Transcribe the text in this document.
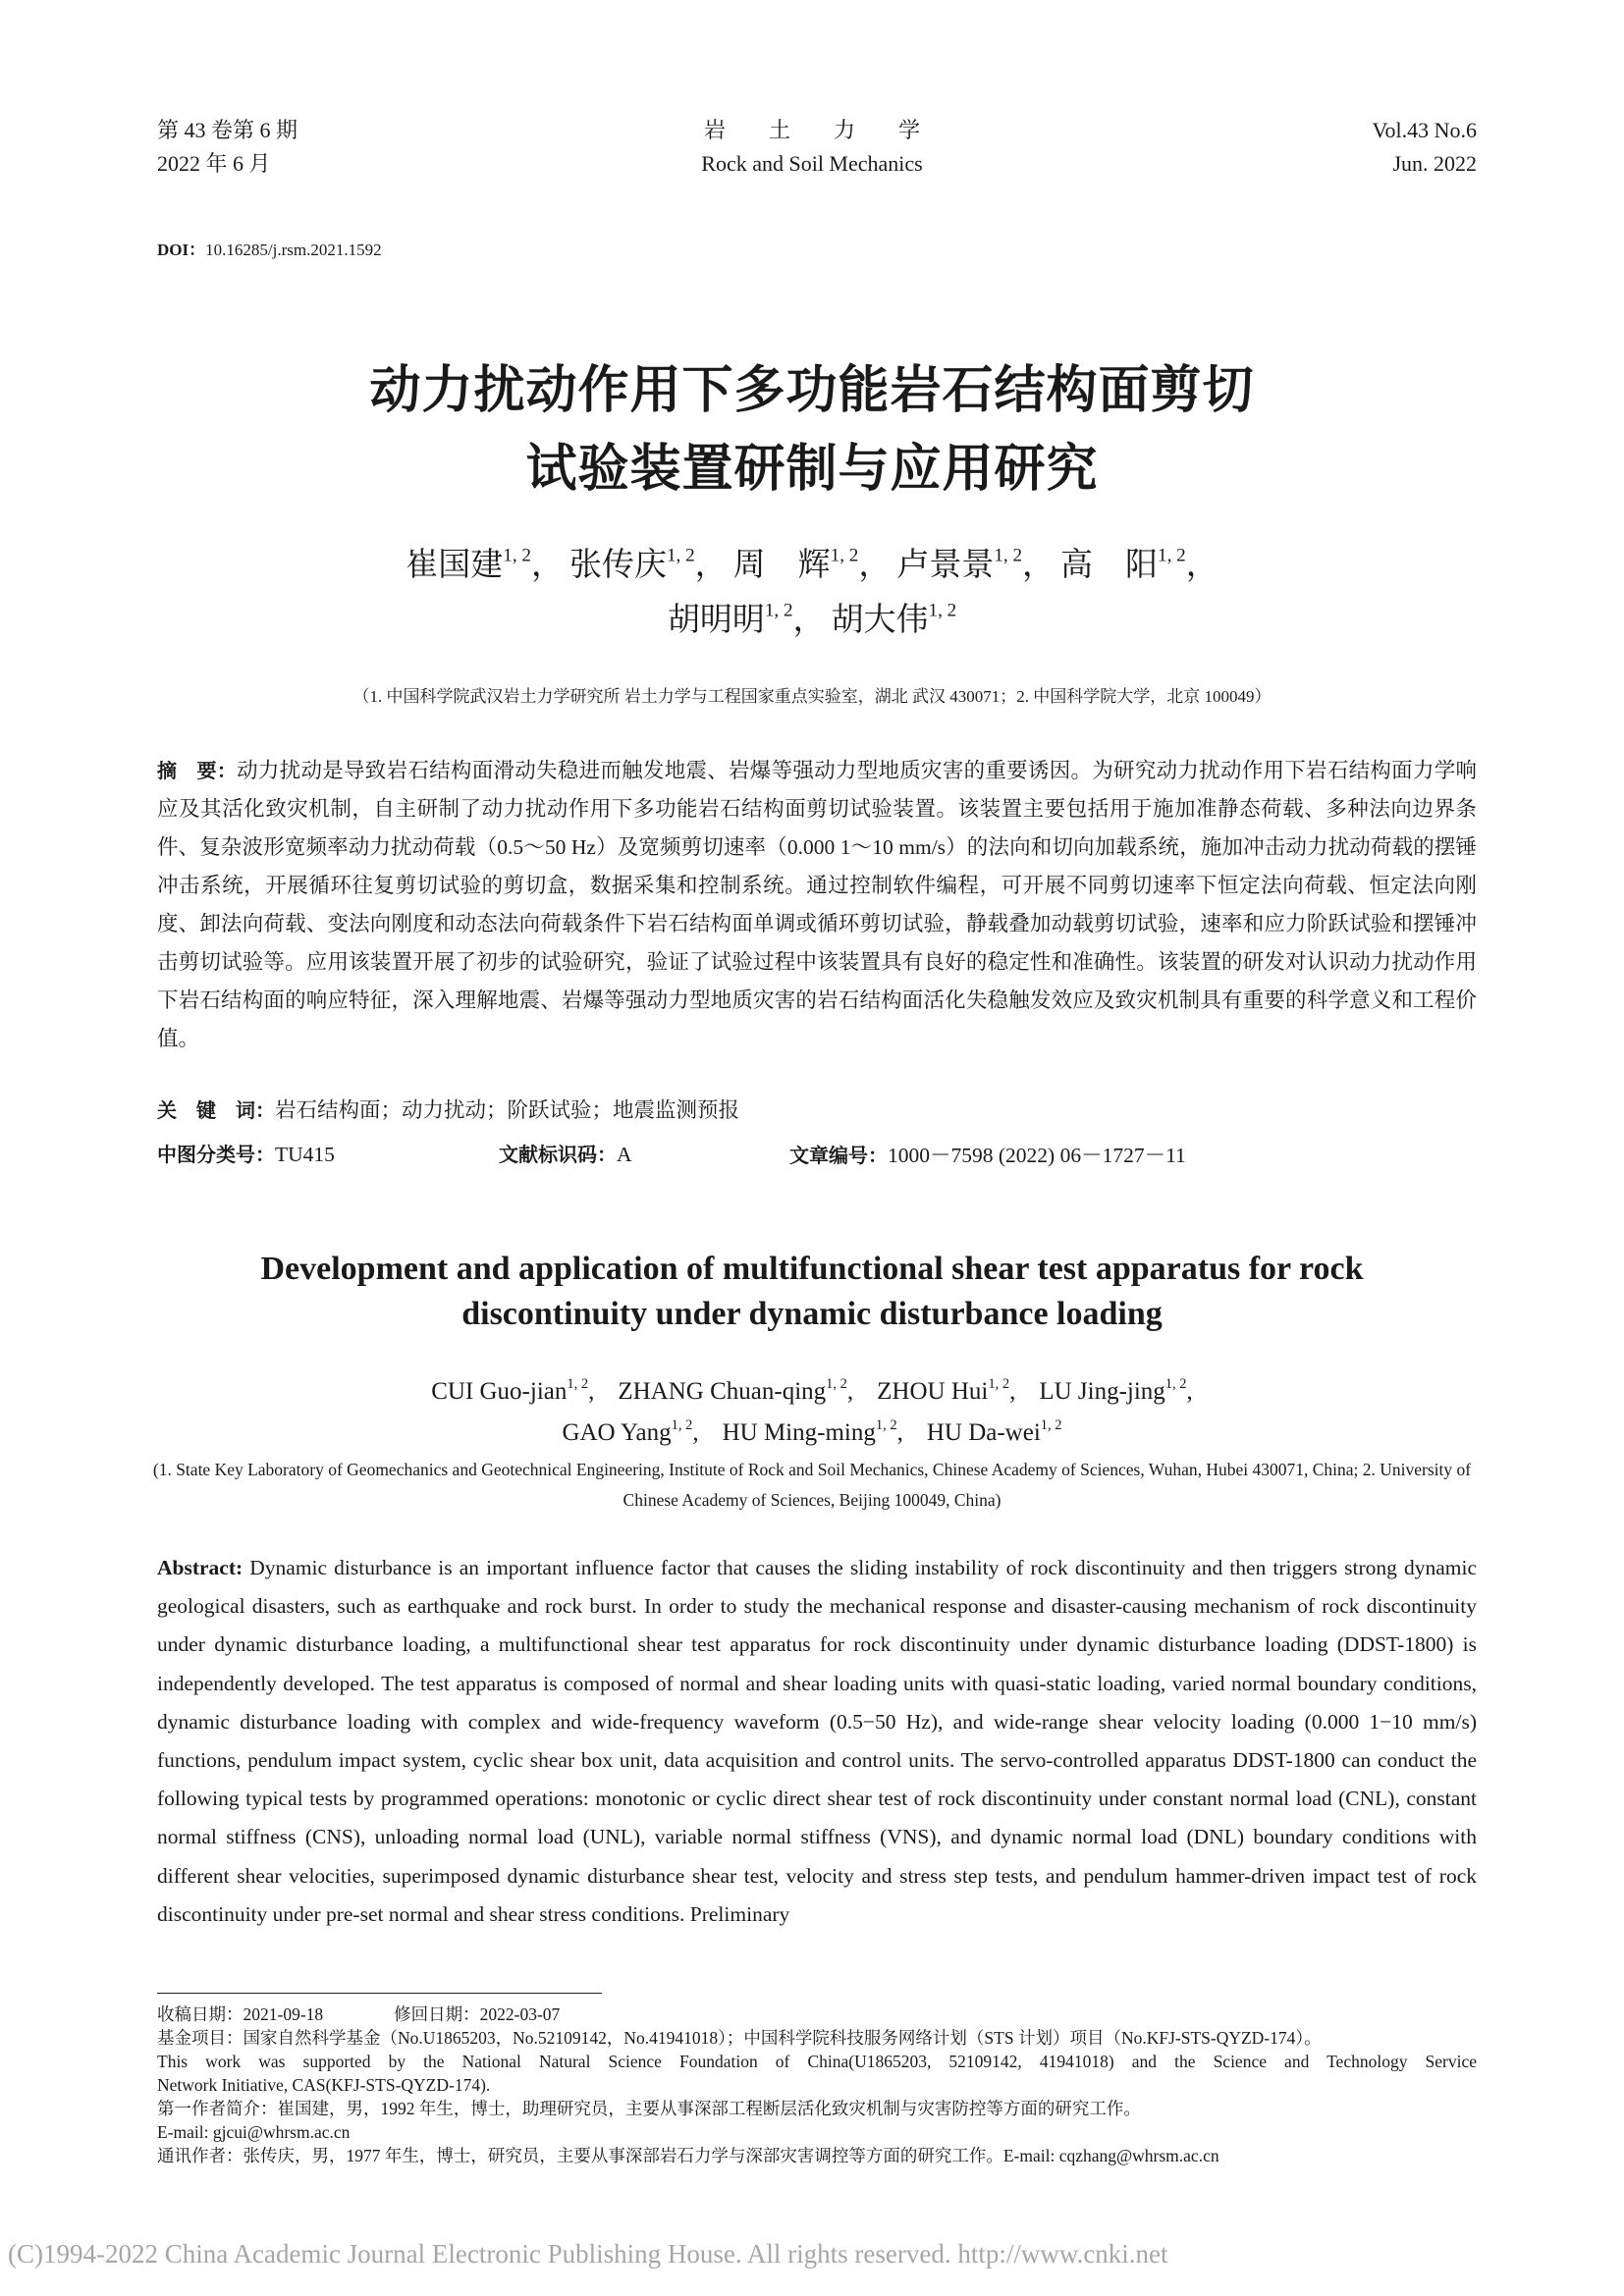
第 43 卷第 6 期
2022 年 6 月
岩　　土　　力　　学
Rock and Soil Mechanics
Vol.43 No.6
Jun. 2022
DOI：10.16285/j.rsm.2021.1592
动力扰动作用下多功能岩石结构面剪切
试验装置研制与应用研究
崔国建$^{1, 2}$， 张传庆$^{1, 2}$， 周　辉$^{1, 2}$， 卢景景$^{1, 2}$， 高　阳$^{1, 2}$，
胡明明$^{1, 2}$， 胡大伟$^{1, 2}$
（1. 中国科学院武汉岩土力学研究所 岩土力学与工程国家重点实验室，湖北 武汉 430071；2. 中国科学院大学，北京 100049）
摘　要：动力扰动是导致岩石结构面滑动失稳进而触发地震、岩爆等强动力型地质灾害的重要诱因。为研究动力扰动作用下岩石结构面力学响应及其活化致灾机制，自主研制了动力扰动作用下多功能岩石结构面剪切试验装置。该装置主要包括用于施加准静态荷载、多种法向边界条件、复杂波形宽频率动力扰动荷载（0.5～50 Hz）及宽频剪切速率（0.000 1～10 mm/s）的法向和切向加载系统，施加冲击动力扰动荷载的摆锤冲击系统，开展循环往复剪切试验的剪切盒，数据采集和控制系统。通过控制软件编程，可开展不同剪切速率下恒定法向荷载、恒定法向刚度、卸法向荷载、变法向刚度和动态法向荷载条件下岩石结构面单调或循环剪切试验，静载叠加动载剪切试验，速率和应力阶跃试验和摆锤冲击剪切试验等。应用该装置开展了初步的试验研究，验证了试验过程中该装置具有良好的稳定性和准确性。该装置的研发对认识动力扰动作用下岩石结构面的响应特征，深入理解地震、岩爆等强动力型地质灾害的岩石结构面活化失稳触发效应及致灾机制具有重要的科学意义和工程价值。
关　键　词：岩石结构面；动力扰动；阶跃试验；地震监测预报
中图分类号：TU415	文献标识码：A	文章编号：1000－7598 (2022) 06－1727－11
Development and application of multifunctional shear test apparatus for rock
discontinuity under dynamic disturbance loading
CUI Guo-jian$^{1, 2}$, ZHANG Chuan-qing$^{1, 2}$, ZHOU Hui$^{1, 2}$, LU Jing-jing$^{1, 2}$,
GAO Yang$^{1, 2}$, HU Ming-ming$^{1, 2}$, HU Da-wei$^{1, 2}$
(1. State Key Laboratory of Geomechanics and Geotechnical Engineering, Institute of Rock and Soil Mechanics, Chinese Academy of Sciences, Wuhan, Hubei 430071, China; 2. University of Chinese Academy of Sciences, Beijing 100049, China)
Abstract: Dynamic disturbance is an important influence factor that causes the sliding instability of rock discontinuity and then triggers strong dynamic geological disasters, such as earthquake and rock burst. In order to study the mechanical response and disaster-causing mechanism of rock discontinuity under dynamic disturbance loading, a multifunctional shear test apparatus for rock discontinuity under dynamic disturbance loading (DDST-1800) is independently developed. The test apparatus is composed of normal and shear loading units with quasi-static loading, varied normal boundary conditions, dynamic disturbance loading with complex and wide-frequency waveform (0.5−50 Hz), and wide-range shear velocity loading (0.000 1−10 mm/s) functions, pendulum impact system, cyclic shear box unit, data acquisition and control units. The servo-controlled apparatus DDST-1800 can conduct the following typical tests by programmed operations: monotonic or cyclic direct shear test of rock discontinuity under constant normal load (CNL), constant normal stiffness (CNS), unloading normal load (UNL), variable normal stiffness (VNS), and dynamic normal load (DNL) boundary conditions with different shear velocities, superimposed dynamic disturbance shear test, velocity and stress step tests, and pendulum hammer-driven impact test of rock discontinuity under pre-set normal and shear stress conditions. Preliminary
收稿日期：2021-09-18	修回日期：2022-03-07
基金项目：国家自然科学基金（No.U1865203，No.52109142，No.41941018）；中国科学院科技服务网络计划（STS 计划）项目（No.KFJ-STS-QYZD-174）。
This work was supported by the National Natural Science Foundation of China(U1865203, 52109142, 41941018) and the Science and Technology Service
Network Initiative, CAS(KFJ-STS-QYZD-174).
第一作者简介：崔国建，男，1992 年生，博士，助理研究员，主要从事深部工程断层活化致灾机制与灾害防控等方面的研究工作。
E-mail: gjcui@whrsm.ac.cn
通讯作者：张传庆，男，1977 年生，博士，研究员，主要从事深部岩石力学与深部灾害调控等方面的研究工作。E-mail: cqzhang@whrsm.ac.cn
(C)1994-2022 China Academic Journal Electronic Publishing House. All rights reserved. http://www.cnki.net
